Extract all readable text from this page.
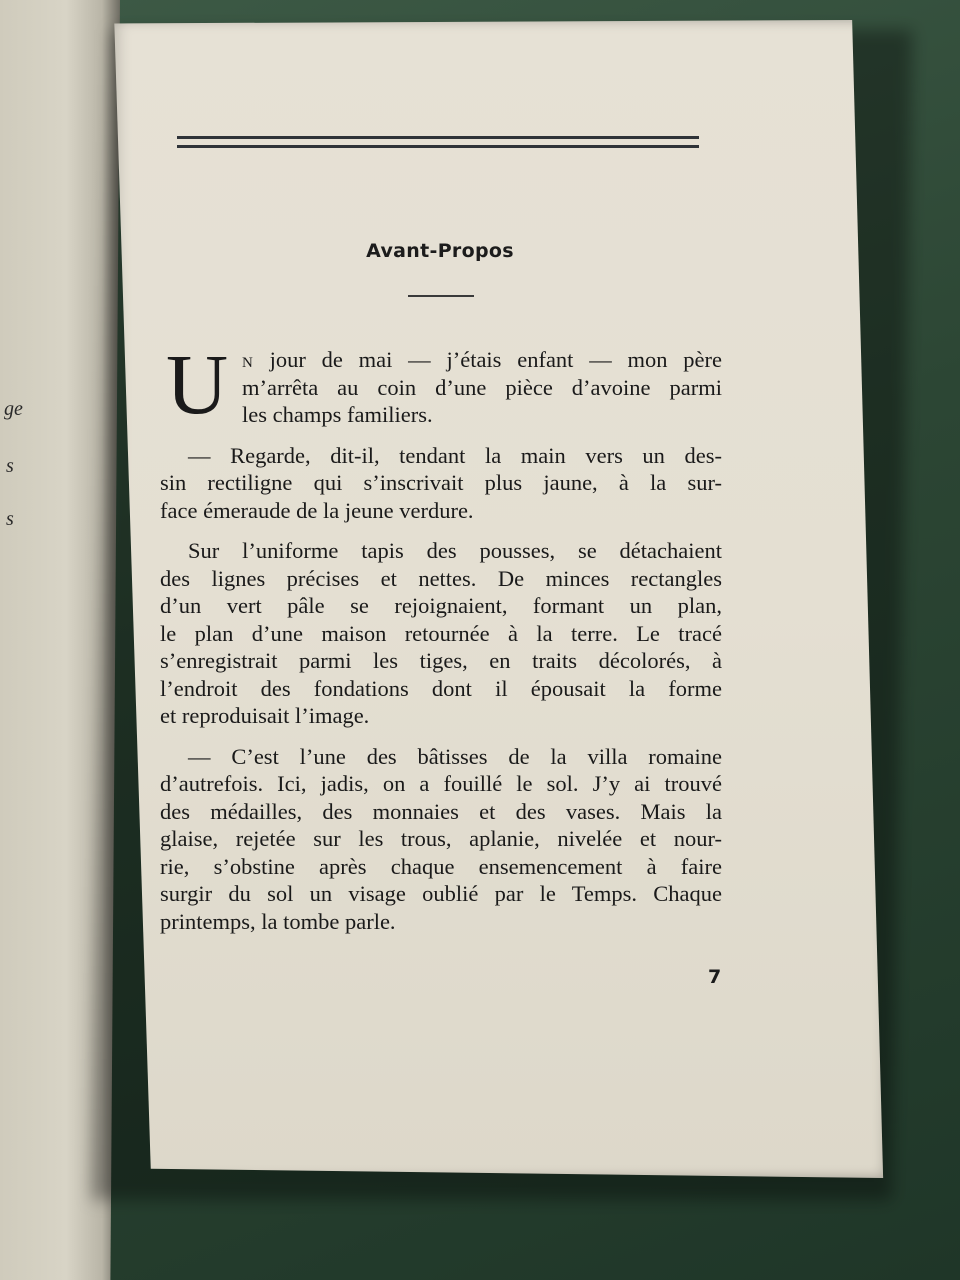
ge
s
s
Avant-Propos
U N jour de mai — j’étais enfant — mon père
m’arrêta au coin d’une pièce d’avoine parmi
les champs familiers.
— Regarde, dit-il, tendant la main vers un des-
sin rectiligne qui s’inscrivait plus jaune, à la sur-
face émeraude de la jeune verdure.
Sur l’uniforme tapis des pousses, se détachaient
des lignes précises et nettes. De minces rectangles
d’un vert pâle se rejoignaient, formant un plan,
le plan d’une maison retournée à la terre. Le tracé
s’enregistrait parmi les tiges, en traits décolorés, à
l’endroit des fondations dont il épousait la forme
et reproduisait l’image.
— C’est l’une des bâtisses de la villa romaine
d’autrefois. Ici, jadis, on a fouillé le sol. J’y ai trouvé
des médailles, des monnaies et des vases. Mais la
glaise, rejetée sur les trous, aplanie, nivelée et nour-
rie, s’obstine après chaque ensemencement à faire
surgir du sol un visage oublié par le Temps. Chaque
printemps, la tombe parle.
7
